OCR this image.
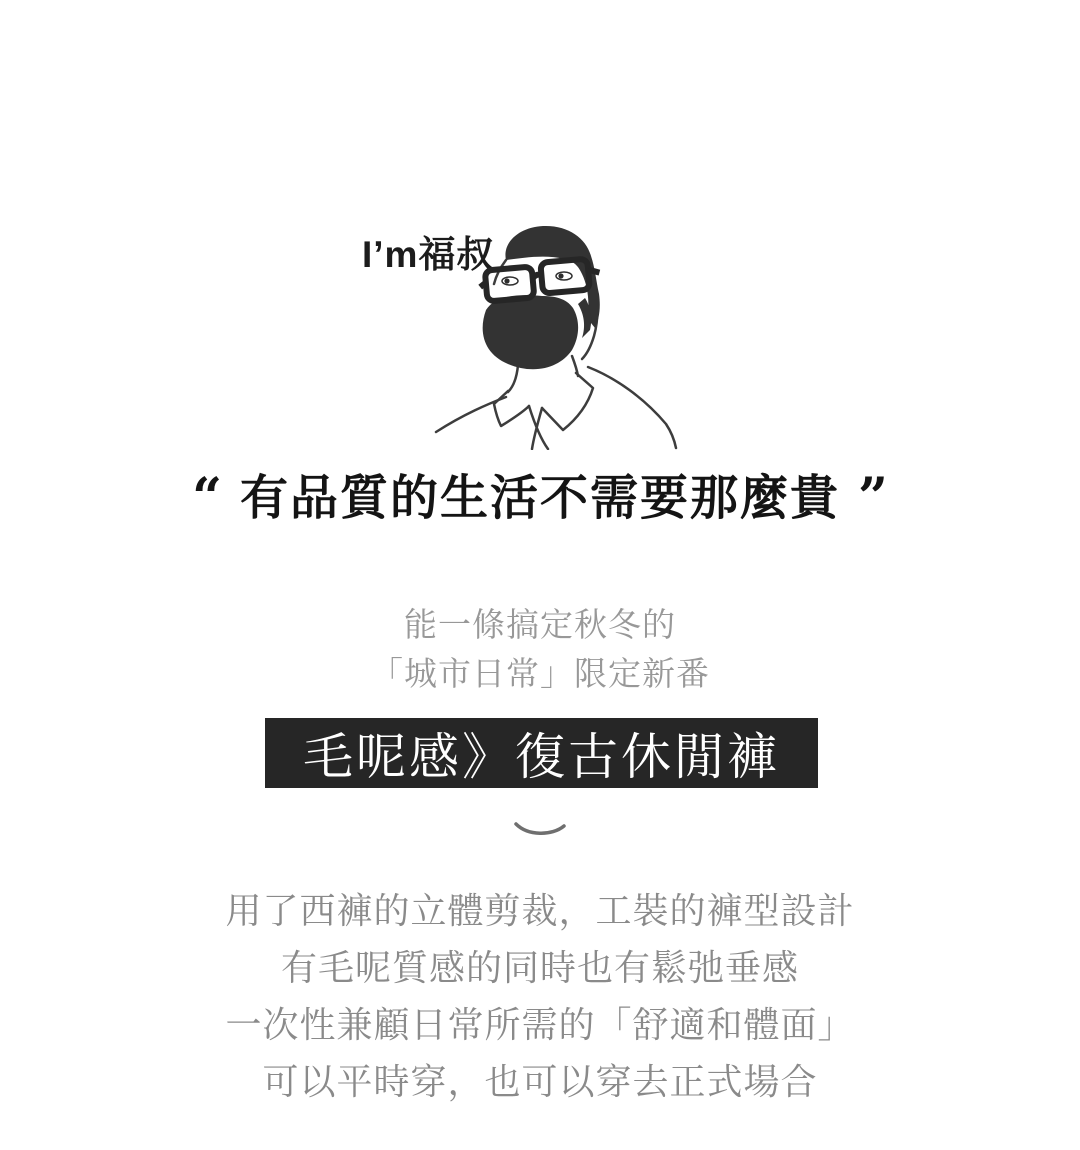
I’m福叔
“ 有品質的生活不需要那麼貴 ”
能一條搞定秋冬的
「城市日常」限定新番
毛呢感》復古休閒褲

用了西褲的立體剪裁，工裝的褲型設計

有毛呢質感的同時也有鬆弛垂感

一次性兼顧日常所需的「舒適和體面」

可以平時穿，也可以穿去正式場合
